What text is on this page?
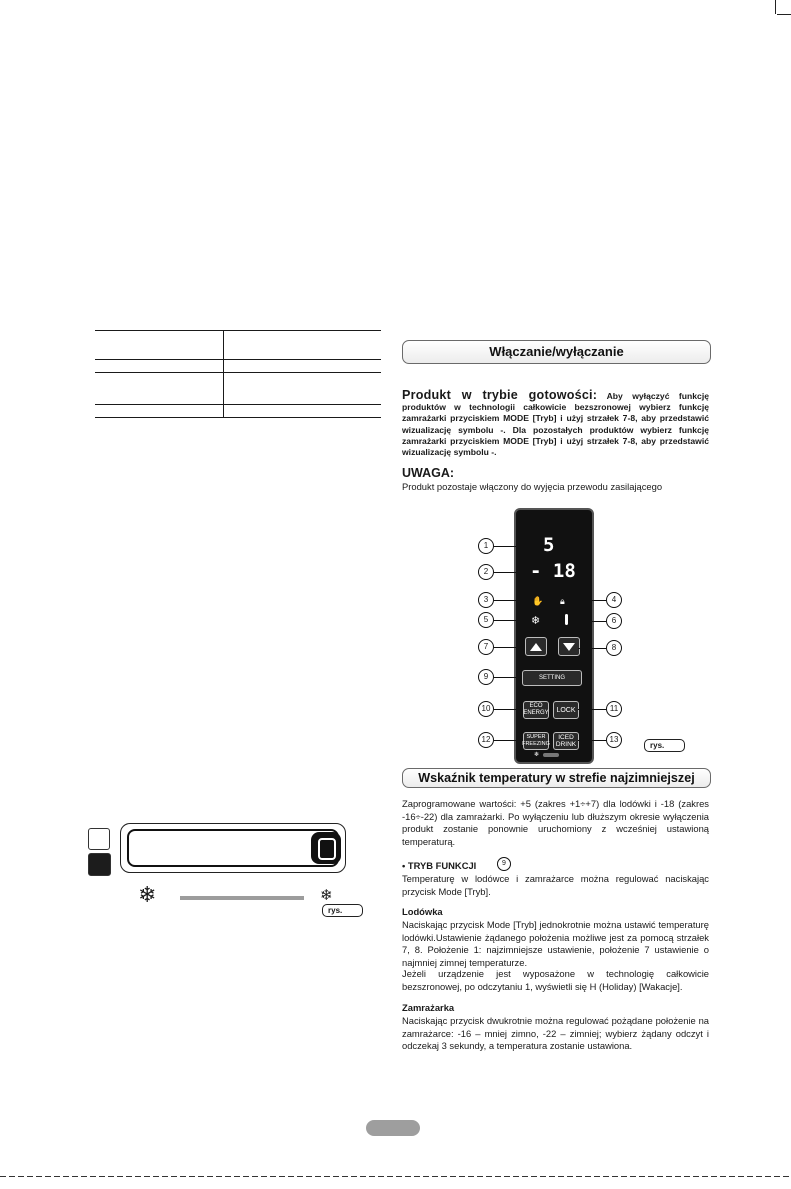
❄	❄
rys.
Włączanie/wyłączanie
Produkt w trybie gotowości: Aby wyłączyć funkcję produktów w technologii całkowicie bezszronowej wybierz funkcję zamrażarki przyciskiem MODE [Tryb] i użyj strzałek 7-8, aby przedstawić wizualizację symbolu -. Dla pozostałych produktów wybierz funkcję zamrażarki przyciskiem MODE [Tryb] i użyj strzałek 7-8, aby przedstawić wizualizację symbolu -.
UWAGA:
Produkt pozostaje włączony do wyjęcia przewodu zasilającego
5
- 18
✋ 🔒︎
❄
SETTING
ECO
ENERGY	LOCK
SUPER
FREEZING
ICED
DRINK
❄
1
2
3	4
5	6
7	8
9
10	11
12	13
rys.
Wskaźnik temperatury w strefie najzimniejszej
Zaprogramowane wartości: +5 (zakres +1÷+7) dla lodówki i -18 (zakres -16÷-22) dla zamrażarki. Po wyłączeniu lub dłuższym okresie wyłączenia produkt zostanie ponownie uruchomiony z wcześniej ustawioną temperaturą.
• TRYB FUNKCJI	9
Temperaturę w lodówce i zamrażarce można regulować naciskając przycisk Mode [Tryb].
Lodówka
Naciskając przycisk Mode [Tryb] jednokrotnie można ustawić temperaturę lodówki.Ustawienie żądanego położenia możliwe jest za pomocą strzałek 7, 8. Położenie 1: najzimniejsze ustawienie, położenie 7 ustawienie o najmniej zimnej temperaturze.
Jeżeli urządzenie jest wyposażone w technologię całkowicie bezszronowej, po odczytaniu 1, wyświetli się H (Holiday) [Wakacje].
Zamrażarka
Naciskając przycisk dwukrotnie można regulować pożądane położenie na zamrażarce: -16 – mniej zimno, -22 – zimniej; wybierz żądany odczyt i odczekaj 3 sekundy, a temperatura zostanie ustawiona.
